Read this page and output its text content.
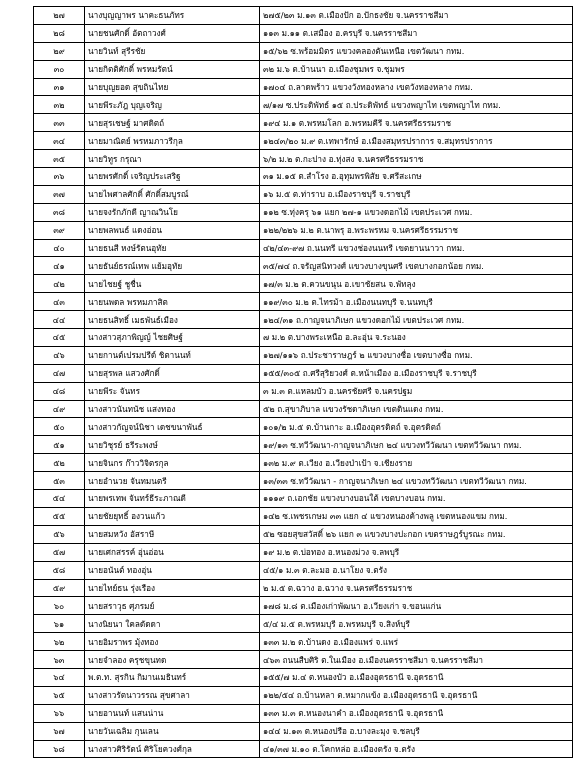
๒๗	นางบุญญาพร นาคะธนภัทร	๒๗๕/๒๓ ม.๑๓ ต.เมืองปัก อ.ปักธงชัย จ.นครราชสีมา
๒๘	นายชนศักดิ์ อัตถาวงศ์	๑๑๓ ม.๑๑ ต.เสมือง อ.ครบุรี จ.นครราชสีมา
๒๙	นายวินท์ สุรีรชัย	๑๕/๖๒ ซ.พร้อมมิตร แขวงคลองตันเหนือ เขตวัฒนา กทม.
๓๐	นายกิตติศักดิ์ พรหมรัตน์	๓๒ ม.๖ ต.บ้านนา อ.เมืองชุมพร จ.ชุมพร
๓๑	นายบุญยอด สุขถินไทย	๑๗๐๔ ถ.ลาดพร้าว แขวงวังทองหลาง เขตวังทองหลาง กทม.
๓๒	นายพีระภัฎ บุญเจริญ	๗/๑๗ ซ.ประดิพัทธ์ ๑๕ ถ.ประดิพัทธ์ แขวงพญาไท เขตพญาไท กทม.
๓๓	นายสุรเชษฐ์ มาศดิตถ์	๑๙๔ ม.๑ ต.พรหมโลก อ.พรหมคีรี จ.นครศรีธรรมราช
๓๔	นายมาณิตย์ พรหมภาวรีกุล	๑๒๔๓/๒๐ ม.๙ ต.เทพารักษ์ อ.เมืองสมุทรปราการ จ.สมุทรปราการ
๓๕	นายวิทูร กรุณา	๖/๒ ม.๒ ต.กะปาง อ.ทุ่งสง จ.นครศรีธรรมราช
๓๖	นายพรศักดิ์ เจริญประเสริฐ	๓๑ ม.๑๕ ต.สำโรง อ.อุทุมพรพิสัย จ.ศรีสะเกษ
๓๗	นายไพศาลศักดิ์ ศักดิ์สมบูรณ์	๑๖ ม.๕ ต.ท่าราบ อ.เมืองราชบุรี จ.ราชบุรี
๓๘	นายจงรักภักดี ญาณวินโย	๑๑๒ ซ.ทุ่งครุ ๖๑ แยก ๒๗-๑ แขวงดอกไม้ เขตประเวศ กทม.
๓๙	นายพลพนธ์ แดงอ่อน	๑๒๒/๒๒๖ ม.๒ ต.นาพรุ อ.พระพรหม จ.นครศรีธรรมราช
๔๐	นายธนสี หงษ์รัตนอุทัย	๔๒/๔๓-๙๗ ถ.นนทรี แขวงช่องนนทรี เขตยานนาวา กทม.
๔๑	นายธันย์ธรณ์เทพ แย้มอุทัย	๓๕/๗๔ ถ.จรัญสนิทวงศ์ แขวงบางขุนศรี เขตบางกอกน้อย กทม.
๔๒	นายไชยฐ์ ชูชื่น	๑๗/๓ ม.๒ ต.ควนขนุน อ.เขาชัยสน จ.พัทลุง
๔๓	นายนพดล พรหมภาสิต	๑๑๙/๓๐ ม.๒ ต.ไทรม้า อ.เมืองนนทบุรี จ.นนทบุรี
๔๔	นายธนสิทธิ์ เมธพันธ์เมือง	๑๒๔/๓๑ ถ.กาญจนาภิเษก แขวงดอกไม้ เขตประเวศ กทม.
๔๕	นางสาวสุภาพิญญ์ ไชยศิษฐ์	๗ ม.๒ ต.บางพระเหนือ อ.ละอุ่น จ.ระนอง
๔๖	นายกานต์เปรมปรีด์ ชิตานนท์	๑๒๗/๑๑๖ ถ.ประชาราษฎร์ ๒ แขวงบางซื่อ เขตบางซื่อ กทม.
๔๗	นายสุรพล แสวงศักดิ์	๑๕๕/๓๐๕ ถ.ศรีสุริยวงศ์ ต.หน้าเมือง อ.เมืองราชบุรี จ.ราชบุรี
๔๘	นายพีระ จันทร	๓ ม.๓ ต.แหลมบัว อ.นครชัยศรี จ.นครปฐม
๔๙	นางสาวนันทนัช แสงทอง	๕๒ ถ.สุขาภิบาล แขวงรัชดาภิเษก เขตดินแดง กทม.
๕๐	นางสาวกัญจน์นิชา เดชขนาพันธ์	๑๐๑/๒ ม.๕ ต.บ้านกาะ อ.เมืองอุตรดิตถ์ จ.อุตรดิตถ์
๕๑	นายวิชุรย์ ธรีระพงษ์	๑๙/๑๓ ซ.ทวีวัฒนา-กาญจนาภิเษก ๒๔ แขวงทวีวัฒนา เขตทวีวัฒนา กทม.
๕๒	นายจินกร ก๊าววิจิตรกุล	๑๓๒ ม.๙ ต.เวียง อ.เวียงป่าเป้า จ.เชียงราย
๕๓	นายอำนวย จันทมนตรี	๑๓/๓๓ ซ.ทวีวัฒนา - กาญจนาภิเษก ๒๔ แขวงทวีวัฒนา เขตทวีวัฒนา กทม.
๕๔	นายพรเทพ จันทร์ธีระภาณดี	๑๑๑๙ ถ.เอกชัย แขวงบางบอนใต้ เขตบางบอน กทม.
๕๕	นายชัยยุทธิ์ องวนแก้ว	๑๔๒ ซ.เพชรเกษม ๓๓ แยก ๔ แขวงหนองค้างพลู เขตหนองแขม กทม.
๕๖	นายสมหวัง อัสราษี	๕๒ ซอยสุขสวัสดิ์ ๒๖ แยก ๓ แขวงบางปะกอก เขตราษฎร์บูรณะ กทม.
๕๗	นายเศกสรรค์ อุ่นอ่อน	๑๙ ม.๒ ต.บ่อทอง อ.หนองม่วง จ.ลพบุรี
๕๘	นายอนันต์ ทองอุ่น	๔๕/๑ ม.๓ ต.ละมอ อ.นาโยง จ.ตรัง
๕๙	นายไทย์ธน รุ่งเรือง	๒ ม.๕ ต.ฉวาง อ.ฉวาง จ.นครศรีธรรมราช
๖๐	นายสราวุธ ศุภรมย์	๑๗๘ ม.๘ ต.เมืองเก่าพัฒนา อ.เวียงเก่า จ.ขอนแก่น
๖๑	นางนิยนา ใคลดัดดา	๕/๔ ม.๕ ต.พรหมบุรี อ.พรหมบุรี จ.สิงห์บุรี
๖๒	นายอิมราพร มุ้งทอง	๑๓๓ ม.๒ ต.บ้านดง อ.เมืองแพร่ จ.แพร่
๖๓	นายจำลอง ครุชขุนทด	๔๖๓ ถนนสืบศิริ ต.ในเมือง อ.เมืองนครราชสีมา จ.นครราชสีมา
๖๔	พ.ต.ท. สุรกิน กิมานเมธินทร์	๑๕๕/๗ ม.๔ ต.หนองบัว อ.เมืองอุดรธานี จ.อุดรธานี
๖๕	นางสาวรัตนาวรรณ สุขศาลา	๑๒๒/๕๔ ถ.บ้านหลา ต.หมากแข้ง อ.เมืองอุดรธานี จ.อุดรธานี
๖๖	นายอานนท์ แสนน่าน	๑๓๓ ม.๓ ต.หนองนาคำ อ.เมืองอุดรธานี จ.อุดรธานี
๖๗	นายวันเฉลิม กุนเลน	๑๔๔ ม.๑๓ ต.หนองปรือ อ.บางละมุง จ.ชลบุรี
๖๘	นางสาวศิริรัตน์ ศิริโยควงศ์กุล	๔๑/๓๗ ม.๑๐ ต.โคกหล่อ อ.เมืองตรัง จ.ตรัง
